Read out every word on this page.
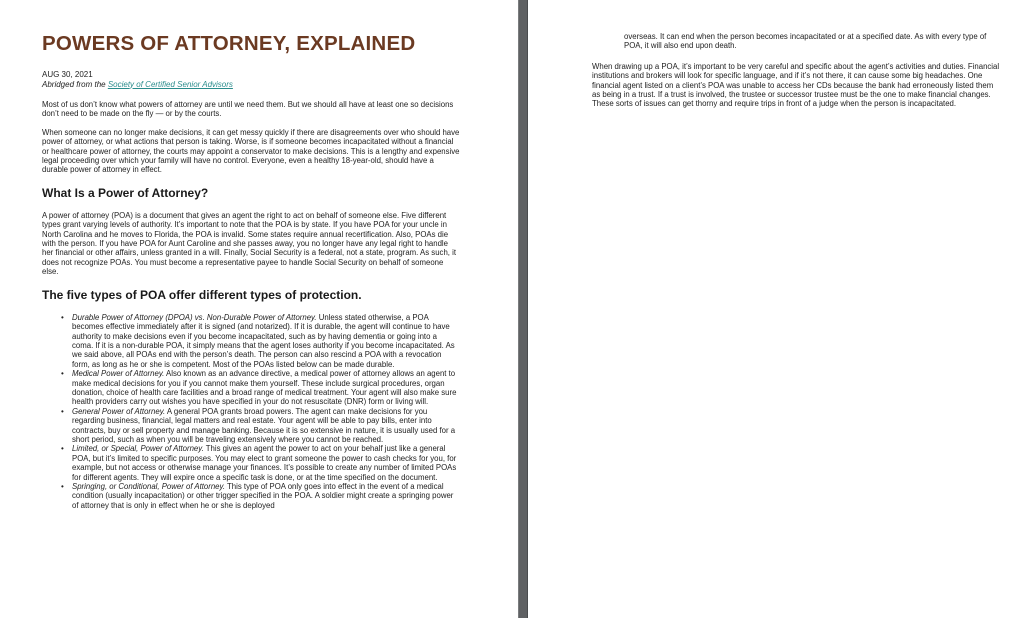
POWERS OF ATTORNEY, EXPLAINED

AUG 30, 2021

Abridged from the Society of Certified Senior Advisors

Most of us don’t know what powers of attorney are until we need them. But we should all have at least one so decisions don’t need to be made on the fly — or by the courts.

When someone can no longer make decisions, it can get messy quickly if there are disagreements over who should have power of attorney, or what actions that person is taking. Worse, is if someone becomes incapacitated without a financial or healthcare power of attorney, the courts may appoint a conservator to make decisions. This is a lengthy and expensive legal proceeding over which your family will have no control. Everyone, even a healthy 18-year-old, should have a durable power of attorney in effect.

What Is a Power of Attorney?

A power of attorney (POA) is a document that gives an agent the right to act on behalf of someone else. Five different types grant varying levels of authority. It’s important to note that the POA is by state. If you have POA for your uncle in North Carolina and he moves to Florida, the POA is invalid. Some states require annual recertification. Also, POAs die with the person. If you have POA for Aunt Caroline and she passes away, you no longer have any legal right to handle her financial or other affairs, unless granted in a will. Finally, Social Security is a federal, not a state, program. As such, it does not recognize POAs. You must become a representative payee to handle Social Security on behalf of someone else.

The five types of POA offer different types of protection.
• Durable Power of Attorney (DPOA) vs. Non-Durable Power of Attorney. Unless stated otherwise, a POA becomes effective immediately after it is signed (and notarized). If it is durable, the agent will continue to have authority to make decisions even if you become incapacitated, such as by having dementia or going into a coma. If it is a non-durable POA, it simply means that the agent loses authority if you become incapacitated. As we said above, all POAs end with the person’s death. The person can also rescind a POA with a revocation form, as long as he or she is competent. Most of the POAs listed below can be made durable.
• Medical Power of Attorney. Also known as an advance directive, a medical power of attorney allows an agent to make medical decisions for you if you cannot make them yourself. These include surgical procedures, organ donation, choice of health care facilities and a broad range of medical treatment. Your agent will also make sure health providers carry out wishes you have specified in your do not resuscitate (DNR) form or living will.
• General Power of Attorney. A general POA grants broad powers. The agent can make decisions for you regarding business, financial, legal matters and real estate. Your agent will be able to pay bills, enter into contracts, buy or sell property and manage banking. Because it is so extensive in nature, it is usually used for a short period, such as when you will be traveling extensively where you cannot be reached.
• Limited, or Special, Power of Attorney. This gives an agent the power to act on your behalf just like a general POA, but it’s limited to specific purposes. You may elect to grant someone the power to cash checks for you, for example, but not access or otherwise manage your finances. It’s possible to create any number of limited POAs for different agents. They will expire once a specific task is done, or at the time specified on the document.
• Springing, or Conditional, Power of Attorney. This type of POA only goes into effect in the event of a medical condition (usually incapacitation) or other trigger specified in the POA. A soldier might create a springing power of attorney that is only in effect when he or she is deployed

overseas. It can end when the person becomes incapacitated or at a specified date. As with every type of POA, it will also end upon death.

When drawing up a POA, it’s important to be very careful and specific about the agent’s activities and duties. Financial institutions and brokers will look for specific language, and if it’s not there, it can cause some big headaches. One financial agent listed on a client’s POA was unable to access her CDs because the bank had erroneously listed them as being in a trust. If a trust is involved, the trustee or successor trustee must be the one to make financial changes. These sorts of issues can get thorny and require trips in front of a judge when the person is incapacitated.
